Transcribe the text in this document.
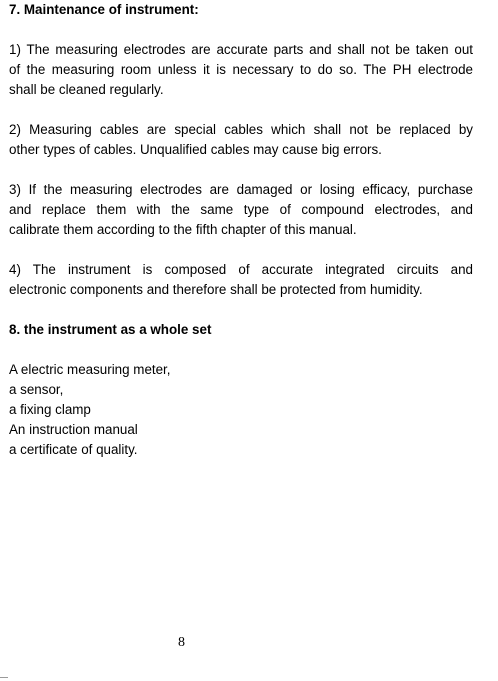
7. Maintenance of instrument:
1) The measuring electrodes are accurate parts and shall not be taken out
of the measuring room unless it is necessary to do so. The PH electrode
shall be cleaned regularly.
2) Measuring cables are special cables which shall not be replaced by
other types of cables. Unqualified cables may cause big errors.
3) If the measuring electrodes are damaged or losing efficacy, purchase
and replace them with the same type of compound electrodes, and
calibrate them according to the fifth chapter of this manual.
4) The instrument is composed of accurate integrated circuits and
electronic components and therefore shall be protected from humidity.
8. the instrument as a whole set
A electric measuring meter,
a sensor,
a fixing clamp
An instruction manual
a certificate of quality.
8
